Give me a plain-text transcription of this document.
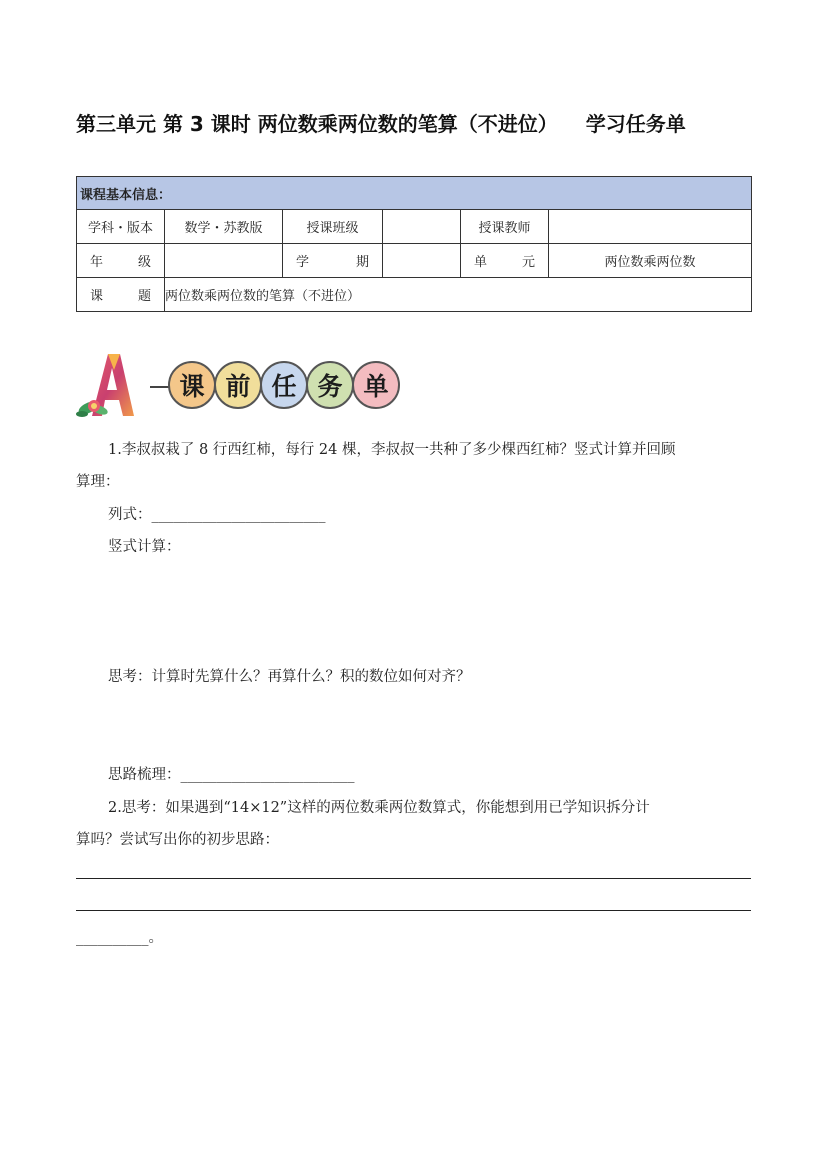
第三单元 第 3 课时 两位数乘两位数的笔算（不进位） 学习任务单
课程基本信息：					
学科・版本	数学・苏教版	授课班级		授课教师	

年 级		学 期		单 元	两位数乘两位数

课 题	两位数乘两位数的笔算（不进位）				
课 前 任 务 单
1.李叔叔栽了 8 行西红柿，每行 24 棵，李叔叔一共种了多少棵西红柿？竖式计算并回顾
算理：
列式：________________________
竖式计算：
思考：计算时先算什么？再算什么？积的数位如何对齐？
思路梳理：________________________
2.思考：如果遇到“14×12”这样的两位数乘两位数算式，你能想到用已学知识拆分计
算吗？尝试写出你的初步思路：
__________。
